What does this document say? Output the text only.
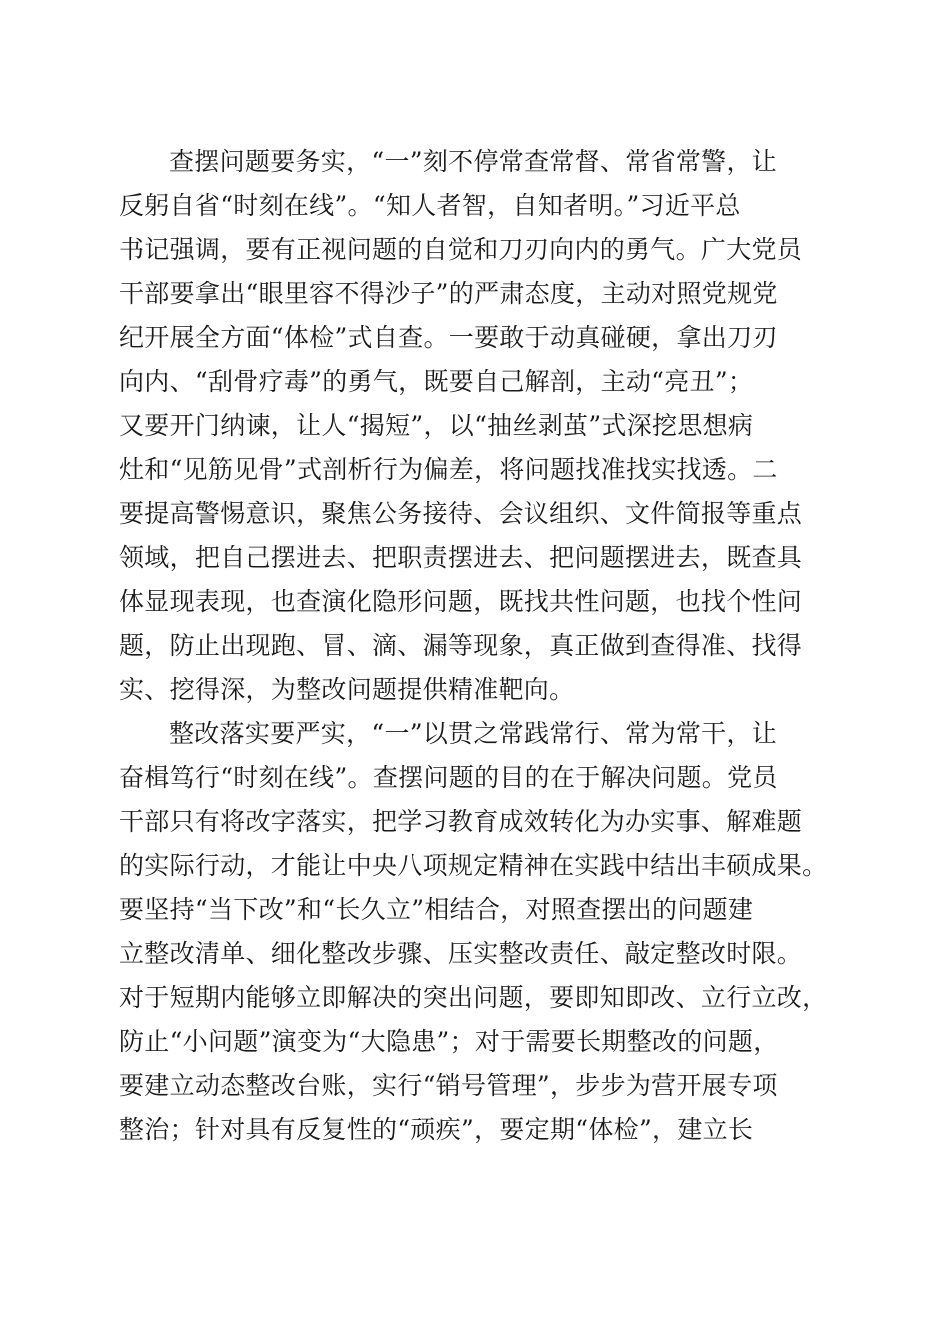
查摆问题要务实，“一”刻不停常查常督、常省常警，让
反躬自省“时刻在线”。“知人者智，自知者明。”习近平总
书记强调，要有正视问题的自觉和刀刃向内的勇气。广大党员
干部要拿出“眼里容不得沙子”的严肃态度，主动对照党规党
纪开展全方面“体检”式自查。一要敢于动真碰硬，拿出刀刃
向内、“刮骨疗毒”的勇气，既要自己解剖，主动“亮丑”；
又要开门纳谏，让人“揭短”，以“抽丝剥茧”式深挖思想病
灶和“见筋见骨”式剖析行为偏差，将问题找准找实找透。二
要提高警惕意识，聚焦公务接待、会议组织、文件简报等重点
领域，把自己摆进去、把职责摆进去、把问题摆进去，既查具
体显现表现，也查演化隐形问题，既找共性问题，也找个性问
题，防止出现跑、冒、滴、漏等现象，真正做到查得准、找得
实、挖得深，为整改问题提供精准靶向。
整改落实要严实，“一”以贯之常践常行、常为常干，让
奋楫笃行“时刻在线”。查摆问题的目的在于解决问题。党员
干部只有将改字落实，把学习教育成效转化为办实事、解难题
的实际行动，才能让中央八项规定精神在实践中结出丰硕成果。
要坚持“当下改”和“长久立”相结合，对照查摆出的问题建
立整改清单、细化整改步骤、压实整改责任、敲定整改时限。
对于短期内能够立即解决的突出问题，要即知即改、立行立改，
防止“小问题”演变为“大隐患”；对于需要长期整改的问题，
要建立动态整改台账，实行“销号管理”，步步为营开展专项
整治；针对具有反复性的“顽疾”，要定期“体检”，建立长
